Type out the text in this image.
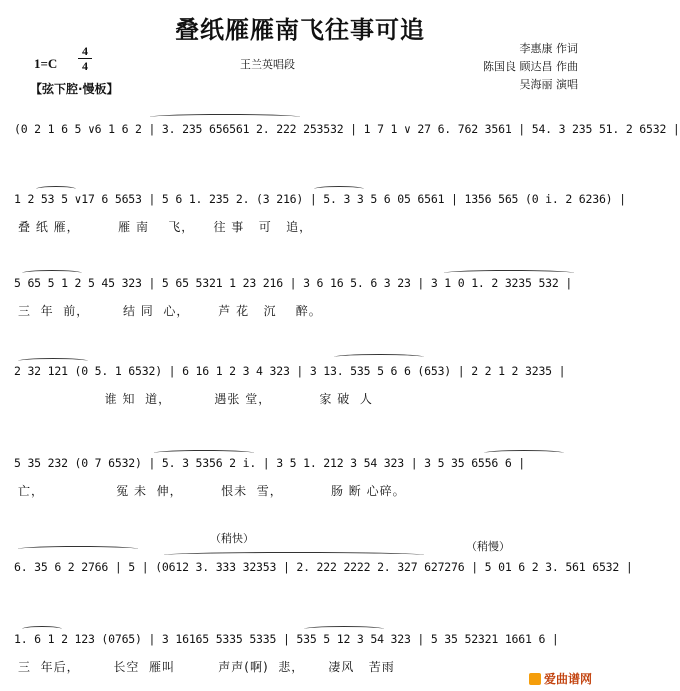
叠纸雁雁南飞往事可追
王兰英唱段
1=C
4
4
【弦下腔·慢板】
李惠康 作词
陈国良 顾达昌 作曲
吴海丽 演唱
(0 2 1 6 5 ∨6 1 6 2 | 3. 235 656561 2. 222 253532 | 1 7 1 ∨ 27 6. 762 3561 | 54. 3 235 51. 2 6532 |
1 2 53 5 ∨17 6 5653 | 5 6 1. 235 2. (3 216) | 5. 3 3 5 6 05 6561 | 1356 565 (0 i. 2 6236) |
叠 纸 雁，        雁 南    飞，    往 事   可   追，
5 65 5 1 2 5 45 323 | 5 65 5321 1 23 216 | 3 6 16 5. 6 3 23 | 3 1 0 1. 2 3235 532 |
三  年  前，       结 同  心，      芦 花   沉    醉。
2 32 121 (0 5. 1 6532) | 6 16 1 2 3 4 323 | 3 13. 535 5 6 6 (653) | 2 2 1 2 3235 |
谁 知  道，         遇张 堂，          家 破  人
5 35 232 (0 7 6532) | 5. 3 5356 2 i. | 3 5 1. 212 3 54 323 | 3 5 35 6556 6 |
亡，               冤 未  伸，        恨未  雪，          肠 断 心碎。
（稍快）
（稍慢）
6. 35 6 2 2766 | 5 | (0612 3. 333 32353 | 2. 222 2222 2. 327 627276 | 5 01 6 2 3. 561 6532 |
1. 6 1 2 123 (0765) | 3 16165 5335 5335 | 535 5 12 3 54 323 | 5 35 52321 1661 6 |
三  年后，       长空  雁叫         声声(啊)  悲，     凄风   苦雨
爱曲谱网
